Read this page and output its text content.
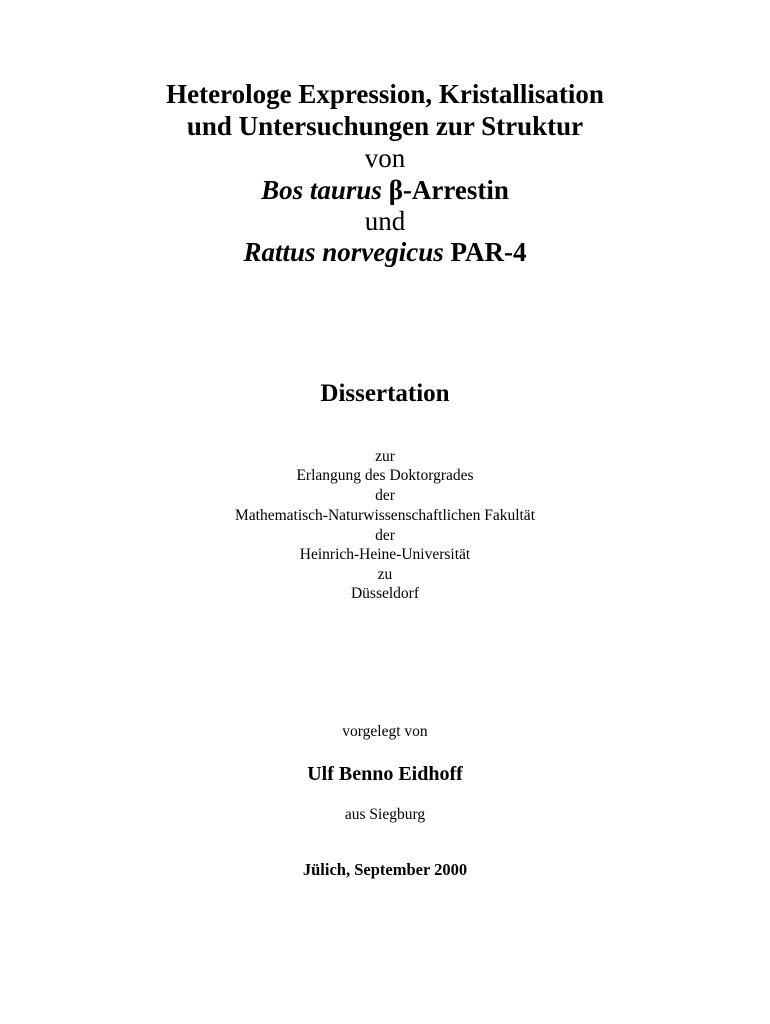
Heterologe Expression, Kristallisation
und Untersuchungen zur Struktur
von
Bos taurus β-Arrestin
und
Rattus norvegicus PAR-4
Dissertation
zur
Erlangung des Doktorgrades
der
Mathematisch-Naturwissenschaftlichen Fakultät
der
Heinrich-Heine-Universität
zu
Düsseldorf
vorgelegt von
Ulf Benno Eidhoff
aus Siegburg
Jülich, September 2000
